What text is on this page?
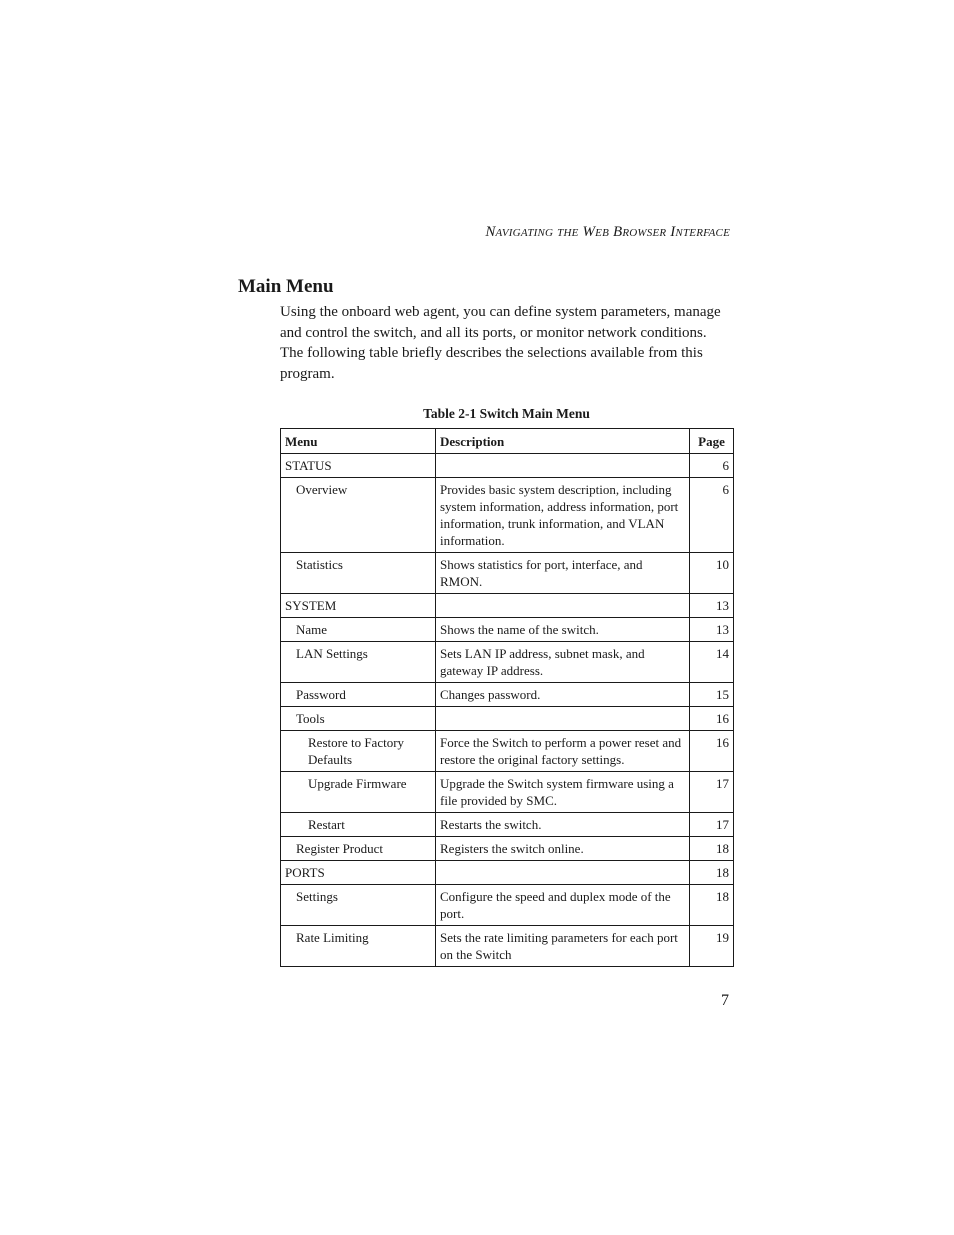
Navigating the Web Browser Interface
Main Menu

Using the onboard web agent, you can define system parameters, manage and control the switch, and all its ports, or monitor network conditions. The following table briefly describes the selections available from this program.

Table 2-1 Switch Main Menu
Menu	Description	Page
STATUS		6
Overview	Provides basic system description, including system information, address information, port information, trunk information, and VLAN information.	6
Statistics	Shows statistics for port, interface, and RMON.	10
SYSTEM		13
Name	Shows the name of the switch.	13
LAN Settings	Sets LAN IP address, subnet mask, and gateway IP address.	14
Password	Changes password.	15
Tools		16
Restore to Factory Defaults	Force the Switch to perform a power reset and restore the original factory settings.	16
Upgrade Firmware	Upgrade the Switch system firmware using a file provided by SMC.	17
Restart	Restarts the switch.	17
Register Product	Registers the switch online.	18
PORTS		18
Settings	Configure the speed and duplex mode of the port.	18
Rate Limiting	Sets the rate limiting parameters for each port on the Switch	19
7
